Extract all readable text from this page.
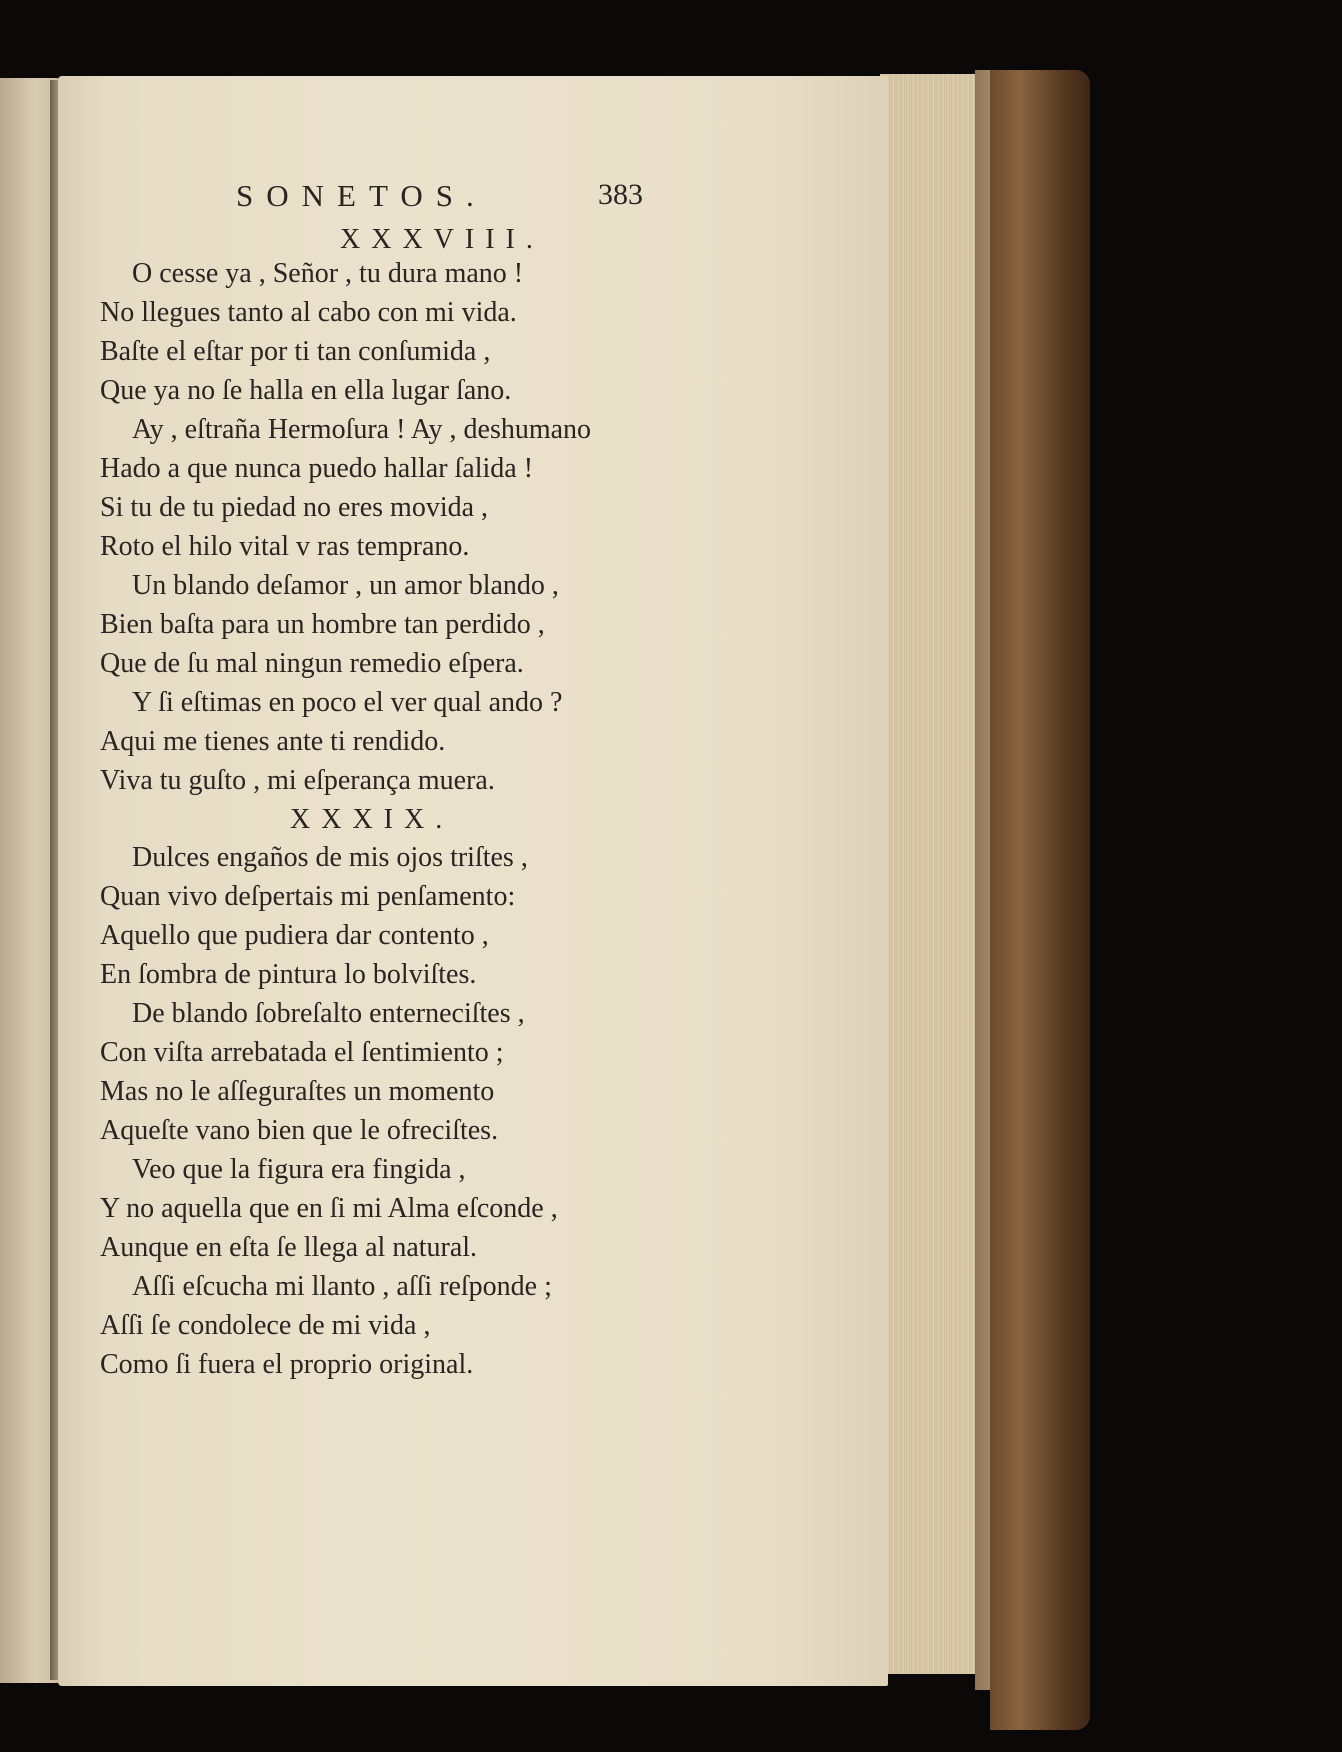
SONETOS.	383
XXXVIII.
O cesse ya , Señor , tu dura mano !
No llegues tanto al cabo con mi vida.
Baſte el eſtar por ti tan conſumida ,
Que ya no ſe halla en ella lugar ſano.
Ay , eſtraña Hermoſura ! Ay , deshumano
Hado a que nunca puedo hallar ſalida !
Si tu de tu piedad no eres movida ,
Roto el hilo vital v ras temprano.
Un blando deſamor , un amor blando ,
Bien baſta para un hombre tan perdido ,
Que de ſu mal ningun remedio eſpera.
Y ſi eſtimas en poco el ver qual ando ?
Aqui me tienes ante ti rendido.
Viva tu guſto , mi eſperança muera.
XXXIX.
Dulces engaños de mis ojos triſtes ,
Quan vivo deſpertais mi penſamento:
Aquello que pudiera dar contento ,
En ſombra de pintura lo bolviſtes.
De blando ſobreſalto enterneciſtes ,
Con viſta arrebatada el ſentimiento ;
Mas no le aſſeguraſtes un momento
Aqueſte vano bien que le ofreciſtes.
Veo que la figura era fingida ,
Y no aquella que en ſi mi Alma eſconde ,
Aunque en eſta ſe llega al natural.
Aſſi eſcucha mi llanto , aſſi reſponde ;
Aſſi ſe condolece de mi vida ,
Como ſi fuera el proprio original.
